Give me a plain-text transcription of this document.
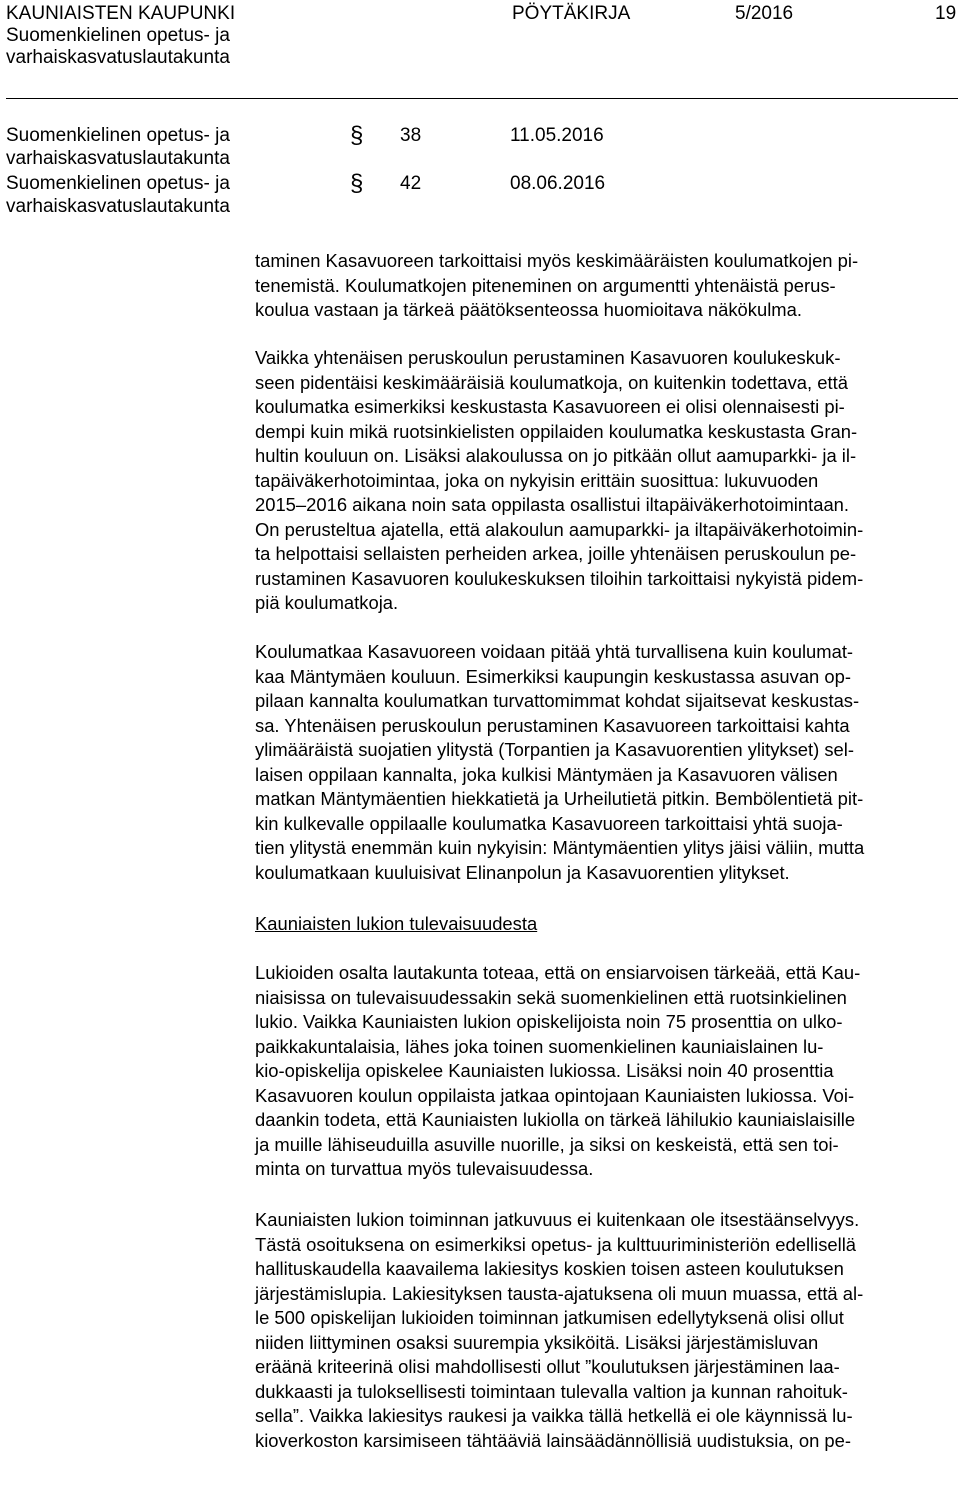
KAUNIAISTEN KAUPUNKI
Suomenkielinen opetus- ja
varhaiskasvatuslautakunta
PÖYTÄKIRJA	5/2016	19
Suomenkielinen opetus- ja
varhaiskasvatuslautakunta
§ 38	11.05.2016
Suomenkielinen opetus- ja
varhaiskasvatuslautakunta
§ 42	08.06.2016
taminen Kasavuoreen tarkoittaisi myös keskimääräisten koulumatkojen pi-
tenemistä. Koulumatkojen piteneminen on argumentti yhtenäistä perus-
koulua vastaan ja tärkeä päätöksenteossa huomioitava näkökulma.
Vaikka yhtenäisen peruskoulun perustaminen Kasavuoren koulukeskuk-
seen pidentäisi keskimääräisiä koulumatkoja, on kuitenkin todettava, että
koulumatka esimerkiksi keskustasta Kasavuoreen ei olisi olennaisesti pi-
dempi kuin mikä ruotsinkielisten oppilaiden koulumatka keskustasta Gran-
hultin kouluun on. Lisäksi alakoulussa on jo pitkään ollut aamuparkki- ja il-
tapäiväkerhotoimintaa, joka on nykyisin erittäin suosittua: lukuvuoden
2015–2016 aikana noin sata oppilasta osallistui iltapäiväkerhotoimintaan.
On perusteltua ajatella, että alakoulun aamuparkki- ja iltapäiväkerhotoimin-
ta helpottaisi sellaisten perheiden arkea, joille yhtenäisen peruskoulun pe-
rustaminen Kasavuoren koulukeskuksen tiloihin tarkoittaisi nykyistä pidem-
piä koulumatkoja.
Koulumatkaa Kasavuoreen voidaan pitää yhtä turvallisena kuin koulumat-
kaa Mäntymäen kouluun. Esimerkiksi kaupungin keskustassa asuvan op-
pilaan kannalta koulumatkan turvattomimmat kohdat sijaitsevat keskustas-
sa. Yhtenäisen peruskoulun perustaminen Kasavuoreen tarkoittaisi kahta
ylimääräistä suojatien ylitystä (Torpantien ja Kasavuorentien ylitykset) sel-
laisen oppilaan kannalta, joka kulkisi Mäntymäen ja Kasavuoren välisen
matkan Mäntymäentien hiekkatietä ja Urheilutietä pitkin. Bembölentietä pit-
kin kulkevalle oppilaalle koulumatka Kasavuoreen tarkoittaisi yhtä suoja-
tien ylitystä enemmän kuin nykyisin: Mäntymäentien ylitys jäisi väliin, mutta
koulumatkaan kuuluisivat Elinanpolun ja Kasavuorentien ylitykset.
Kauniaisten lukion tulevaisuudesta
Lukioiden osalta lautakunta toteaa, että on ensiarvoisen tärkeää, että Kau-
niaisissa on tulevaisuudessakin sekä suomenkielinen että ruotsinkielinen
lukio. Vaikka Kauniaisten lukion opiskelijoista noin 75 prosenttia on ulko-
paikkakuntalaisia, lähes joka toinen suomenkielinen kauniaislainen lu-
kio-opiskelija opiskelee Kauniaisten lukiossa. Lisäksi noin 40 prosenttia
Kasavuoren koulun oppilaista jatkaa opintojaan Kauniaisten lukiossa. Voi-
daankin todeta, että Kauniaisten lukiolla on tärkeä lähilukio kauniaislaisille
ja muille lähiseuduilla asuville nuorille, ja siksi on keskeistä, että sen toi-
minta on turvattua myös tulevaisuudessa.
Kauniaisten lukion toiminnan jatkuvuus ei kuitenkaan ole itsestäänselvyys.
Tästä osoituksena on esimerkiksi opetus- ja kulttuuriministeriön edellisellä
hallituskaudella kaavailema lakiesitys koskien toisen asteen koulutuksen
järjestämislupia. Lakiesityksen tausta-ajatuksena oli muun muassa, että al-
le 500 opiskelijan lukioiden toiminnan jatkumisen edellytyksenä olisi ollut
niiden liittyminen osaksi suurempia yksiköitä. Lisäksi järjestämisluvan
eräänä kriteerinä olisi mahdollisesti ollut ”koulutuksen järjestäminen laa-
dukkaasti ja tuloksellisesti toimintaan tulevalla valtion ja kunnan rahoituk-
sella”. Vaikka lakiesitys raukesi ja vaikka tällä hetkellä ei ole käynnissä lu-
kioverkoston karsimiseen tähtääviä lainsäädännöllisiä uudistuksia, on pe-
